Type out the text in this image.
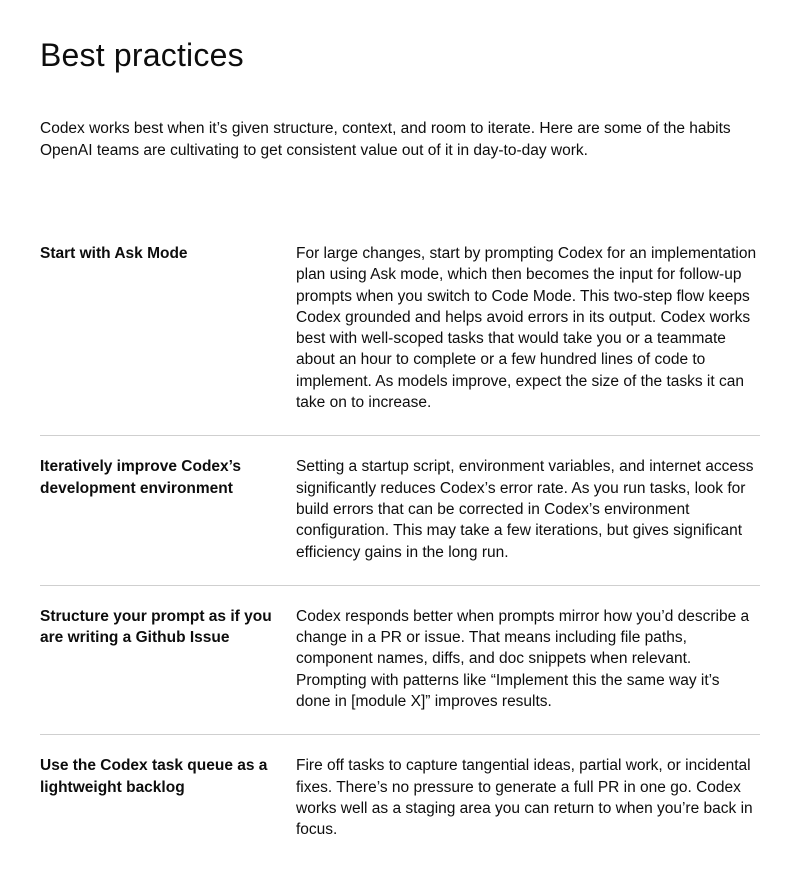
Best practices

Codex works best when it’s given structure, context, and room to iterate. Here are some of the habits OpenAI teams are cultivating to get consistent value out of it in day-to-day work.

Start with Ask Mode	For large changes, start by prompting Codex for an implementation plan using Ask mode, which then becomes the input for follow-up prompts when you switch to Code Mode. This two-step flow keeps Codex grounded and helps avoid errors in its output. Codex works best with well-scoped tasks that would take you or a teammate about an hour to complete or a few hundred lines of code to implement. As models improve, expect the size of the tasks it can take on to increase.
Iteratively improve Codex’s development environment
Setting a startup script, environment variables, and internet access significantly reduces Codex’s error rate. As you run tasks, look for build errors that can be corrected in Codex’s environment configuration. This may take a few iterations, but gives significant efficiency gains in the long run.
Structure your prompt as if you are writing a Github Issue
Codex responds better when prompts mirror how you’d describe a change in a PR or issue. That means including file paths, component names, diffs, and doc snippets when relevant. Prompting with patterns like “Implement this the same way it’s done in [module X]” improves results.
Use the Codex task queue as a lightweight backlog
Fire off tasks to capture tangential ideas, partial work, or incidental fixes. There’s no pressure to generate a full PR in one go. Codex works well as a staging area you can return to when you’re back in focus.
